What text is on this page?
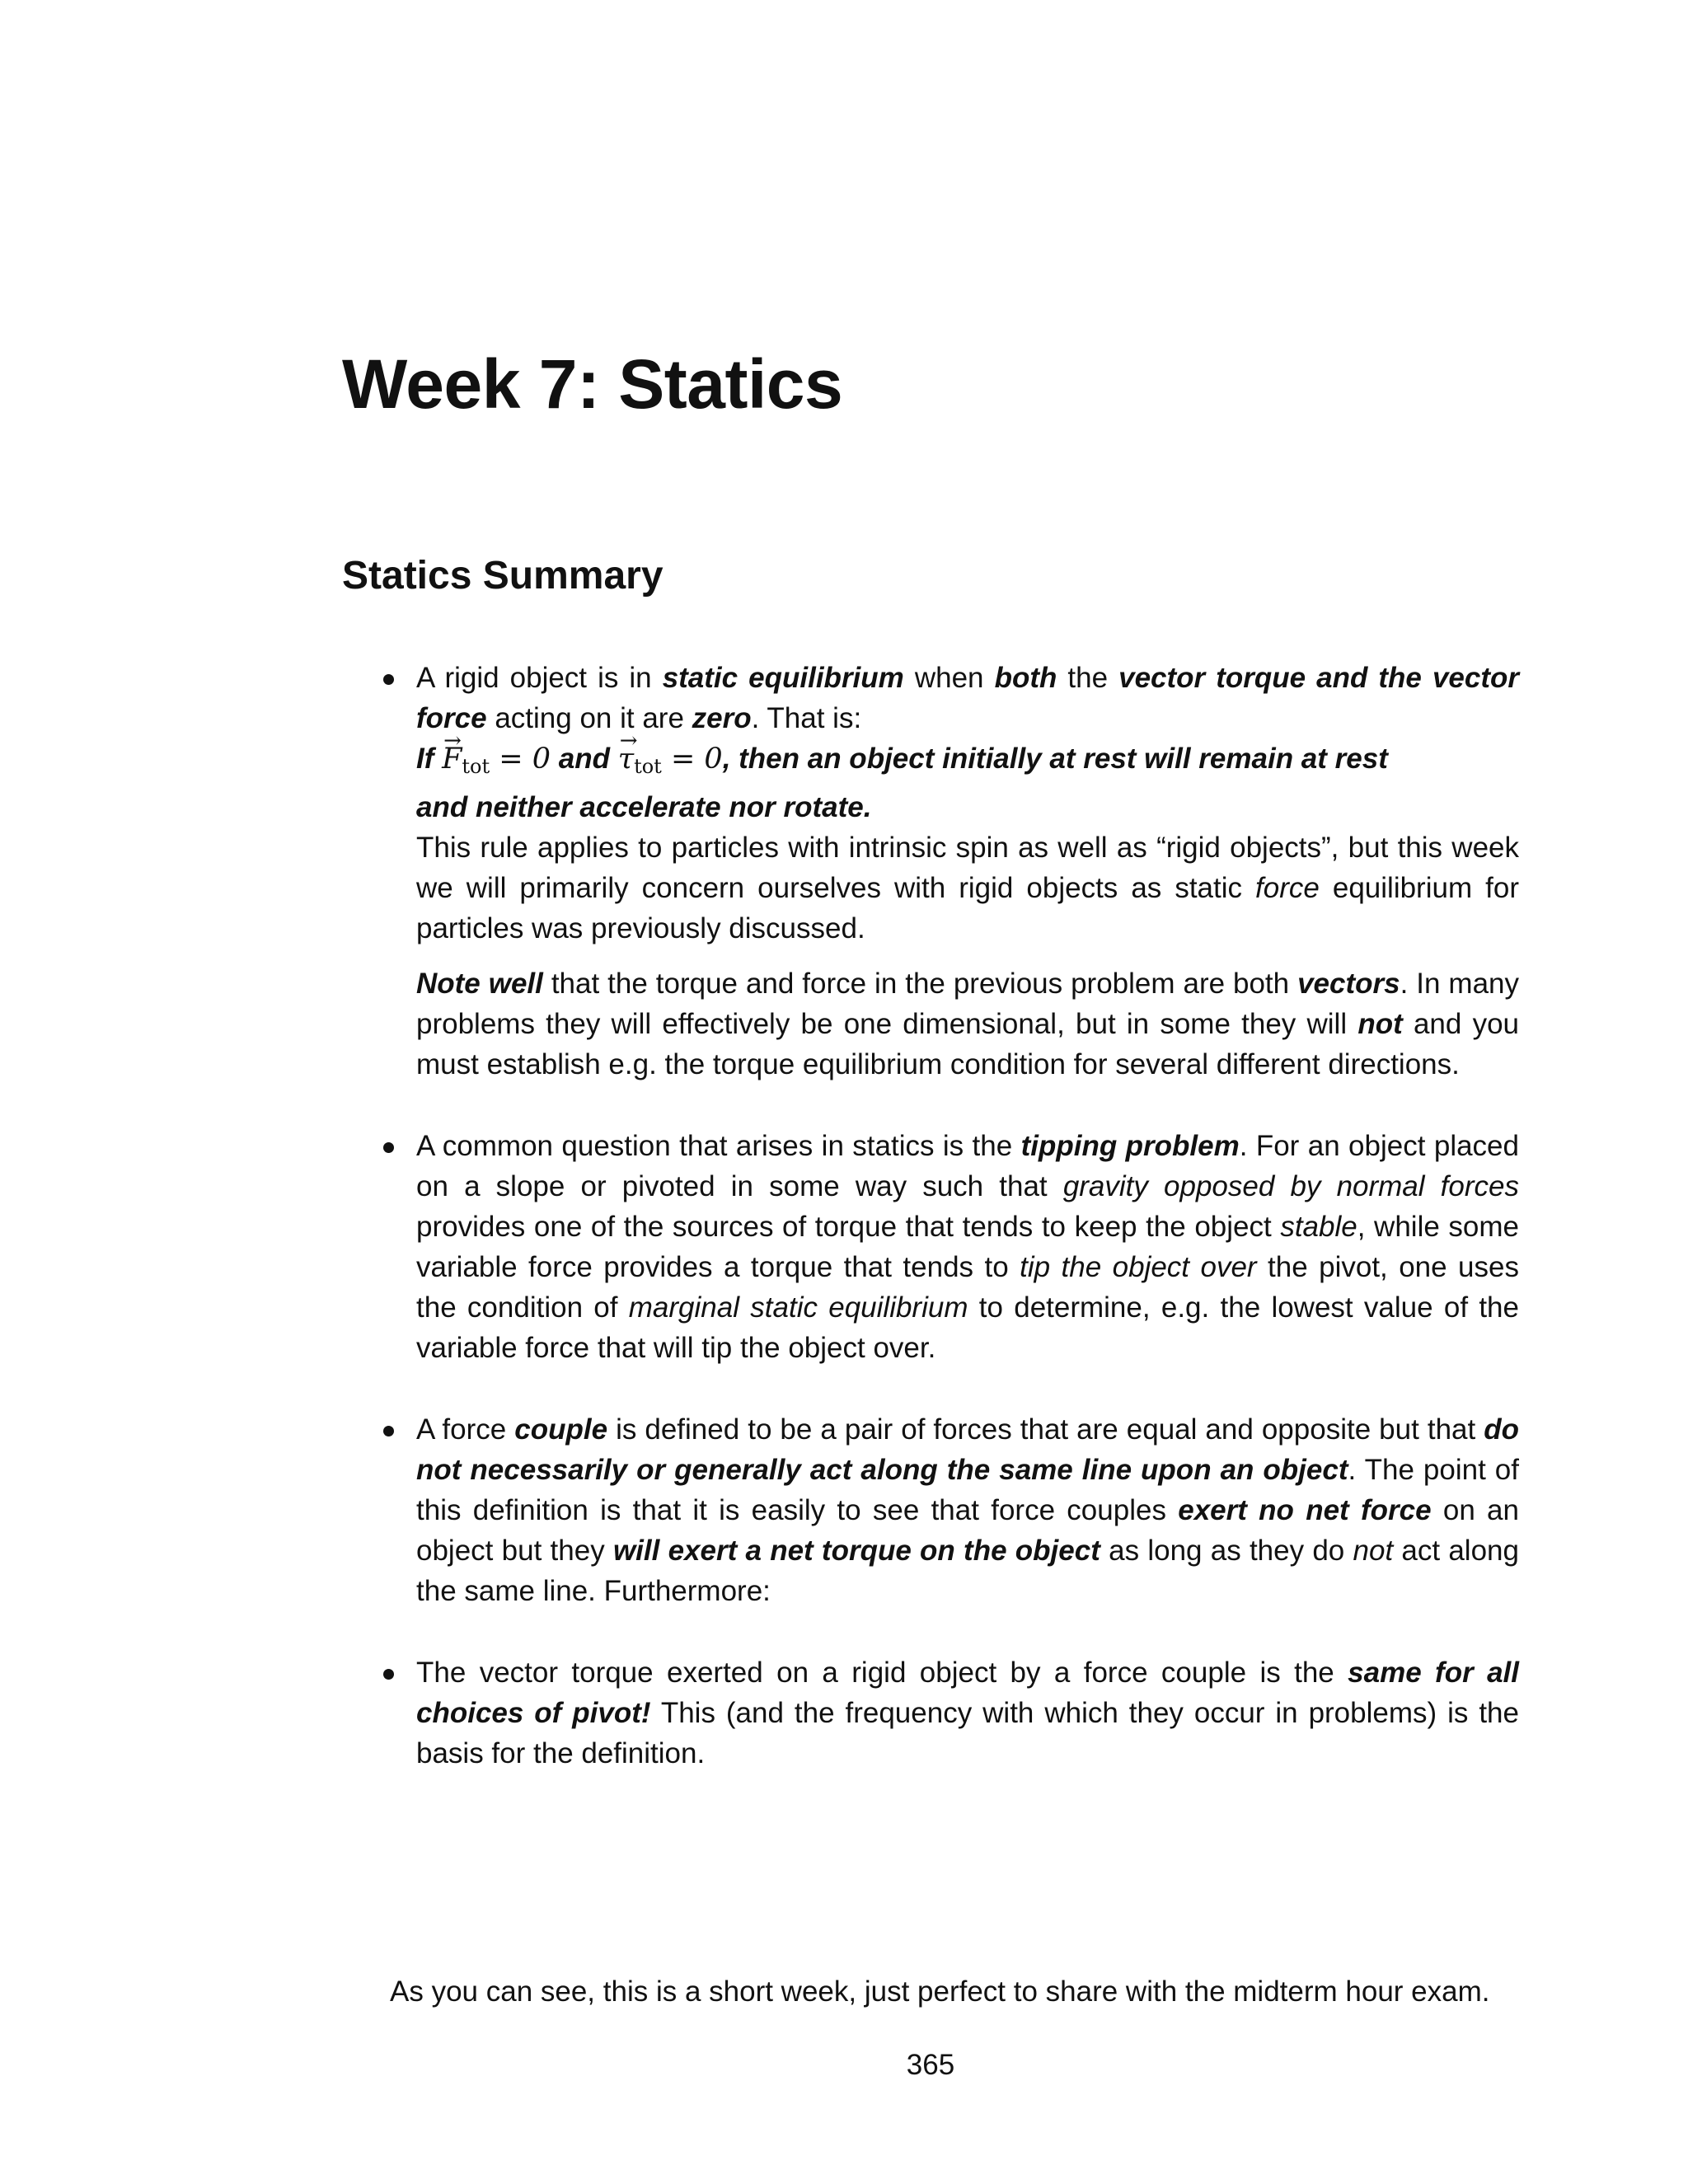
Week 7: Statics
Statics Summary

A rigid object is in static equilibrium when both the vector torque and the vector force acting on it are zero. That is:

$If \to F_{tot} = 0$ and → $\tau_{tot} = 0$, then an object initially at rest will remain at rest and neither accelerate nor rotate.

This rule applies to particles with intrinsic spin as well as “rigid objects”, but this week we will primarily concern ourselves with rigid objects as static force equilibrium for particles was previously discussed.

Note well that the torque and force in the previous problem are both vectors. In many problems they will effectively be one dimensional, but in some they will not and you must establish e.g. the torque equilibrium condition for several different directions.

A common question that arises in statics is the tipping problem. For an object placed on a slope or pivoted in some way such that gravity opposed by normal forces provides one of the sources of torque that tends to keep the object stable, while some variable force provides a torque that tends to tip the object over the pivot, one uses the condition of marginal static equilibrium to determine, e.g. the lowest value of the variable force that will tip the object over.

A force couple is defined to be a pair of forces that are equal and opposite but that do not necessarily or generally act along the same line upon an object. The point of this definition is that it is easily to see that force couples exert no net force on an object but they will exert a net torque on the object as long as they do not act along the same line. Furthermore:

The vector torque exerted on a rigid object by a force couple is the same for all choices of pivot! This (and the frequency with which they occur in problems) is the basis for the definition.

As you can see, this is a short week, just perfect to share with the midterm hour exam.

365
